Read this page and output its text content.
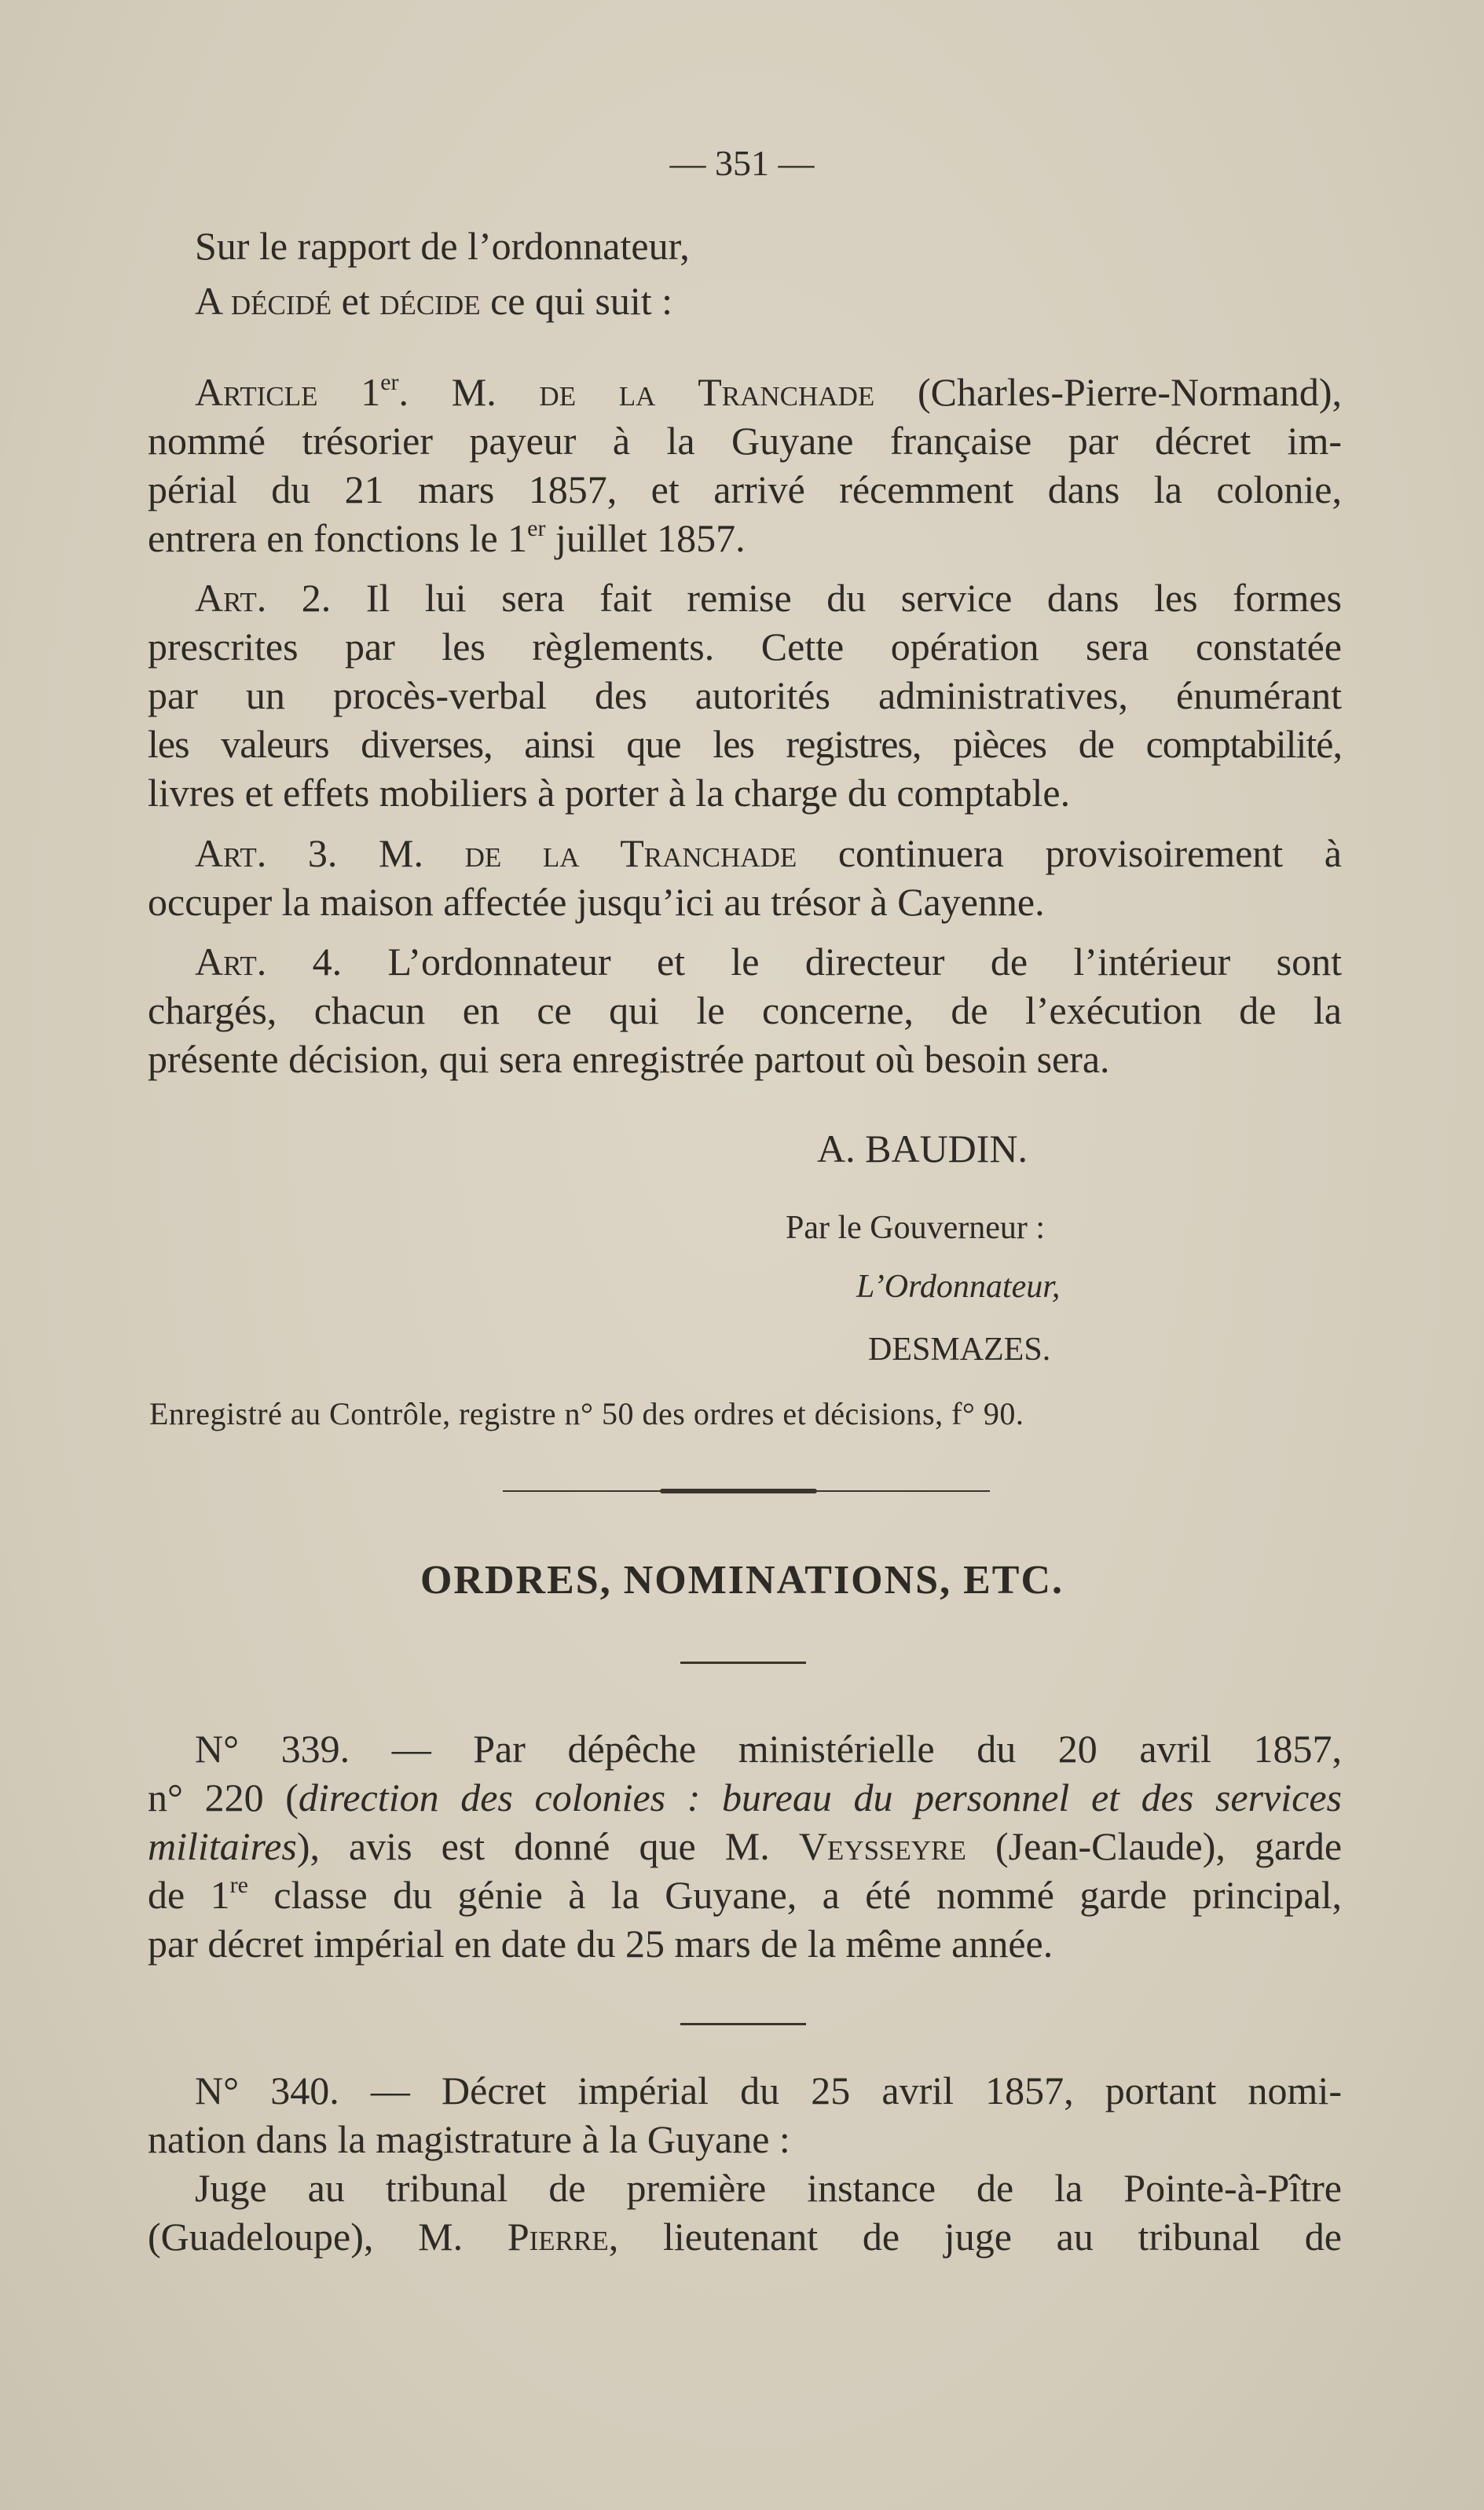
— 351 —
Sur le rapport de l’ordonnateur,
A décidé et décide ce qui suit :
Article 1er. M. de la Tranchade (Charles-Pierre-Normand),
nommé trésorier payeur à la Guyane française par décret im-
périal du 21 mars 1857, et arrivé récemment dans la colonie,
entrera en fonctions le 1er juillet 1857.
Art. 2. Il lui sera fait remise du service dans les formes
prescrites par les règlements. Cette opération sera constatée
par un procès-verbal des autorités administratives, énumérant
les valeurs diverses, ainsi que les registres, pièces de comptabilité,
livres et effets mobiliers à porter à la charge du comptable.
Art. 3. M. de la Tranchade continuera provisoirement à
occuper la maison affectée jusqu’ici au trésor à Cayenne.
Art. 4. L’ordonnateur et le directeur de l’intérieur sont
chargés, chacun en ce qui le concerne, de l’exécution de la
présente décision, qui sera enregistrée partout où besoin sera.
A. BAUDIN.
Par le Gouverneur :
L’Ordonnateur,
DESMAZES.
Enregistré au Contrôle, registre n° 50 des ordres et décisions, f° 90.
ORDRES, NOMINATIONS, ETC.
N° 339. — Par dépêche ministérielle du 20 avril 1857,
n° 220 (direction des colonies : bureau du personnel et des services
militaires), avis est donné que M. Veysseyre (Jean-Claude), garde
de 1re classe du génie à la Guyane, a été nommé garde principal,
par décret impérial en date du 25 mars de la même année.
N° 340. — Décret impérial du 25 avril 1857, portant nomi-
nation dans la magistrature à la Guyane :
Juge au tribunal de première instance de la Pointe-à-Pître
(Guadeloupe), M. Pierre, lieutenant de juge au tribunal de
